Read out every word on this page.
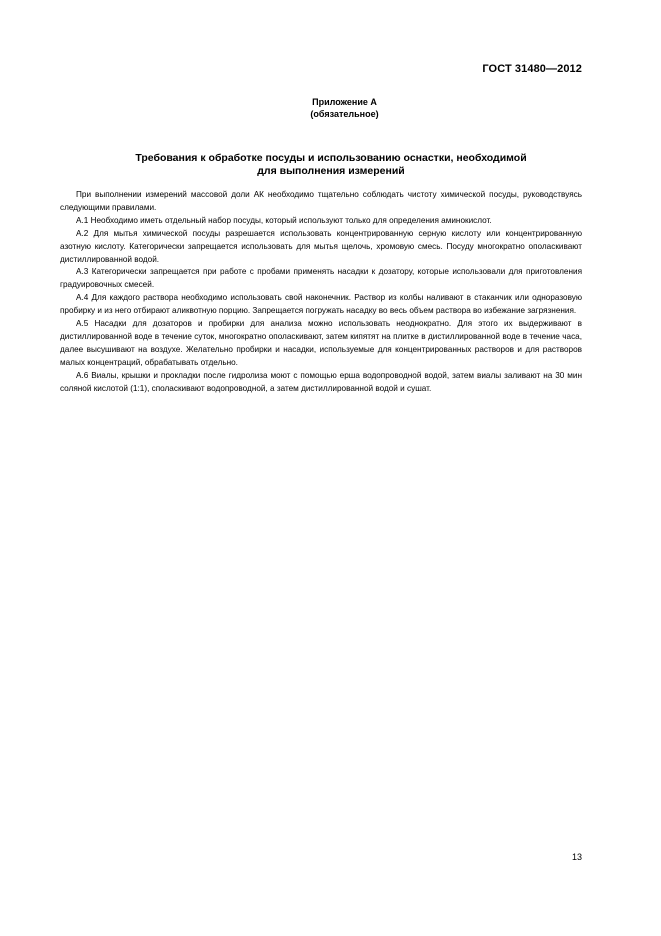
ГОСТ 31480—2012
Приложение А
(обязательное)
Требования к обработке посуды и использованию оснастки, необходимой
для выполнения измерений

При выполнении измерений массовой доли АК необходимо тщательно соблюдать чистоту химической посуды, руководствуясь следующими правилами.

А.1 Необходимо иметь отдельный набор посуды, который используют только для определения аминокислот.

А.2 Для мытья химической посуды разрешается использовать концентрированную серную кислоту или концентрированную азотную кислоту. Категорически запрещается использовать для мытья щелочь, хромовую смесь. Посуду многократно ополаскивают дистиллированной водой.

А.3 Категорически запрещается при работе с пробами применять насадки к дозатору, которые использовали для приготовления градуировочных смесей.

А.4 Для каждого раствора необходимо использовать свой наконечник. Раствор из колбы наливают в стаканчик или одноразовую пробирку и из него отбирают аликвотную порцию. Запрещается погружать насадку во весь объем раствора во избежание загрязнения.

А.5 Насадки для дозаторов и пробирки для анализа можно использовать неоднократно. Для этого их выдерживают в дистиллированной воде в течение суток, многократно ополаскивают, затем кипятят на плитке в дистиллированной воде в течение часа, далее высушивают на воздухе. Желательно пробирки и насадки, используемые для концентрированных растворов и для растворов малых концентраций, обрабатывать отдельно.

А.6 Виалы, крышки и прокладки после гидролиза моют с помощью ерша водопроводной водой, затем виалы заливают на 30 мин соляной кислотой (1:1), споласкивают водопроводной, а затем дистиллированной водой и сушат.

13
